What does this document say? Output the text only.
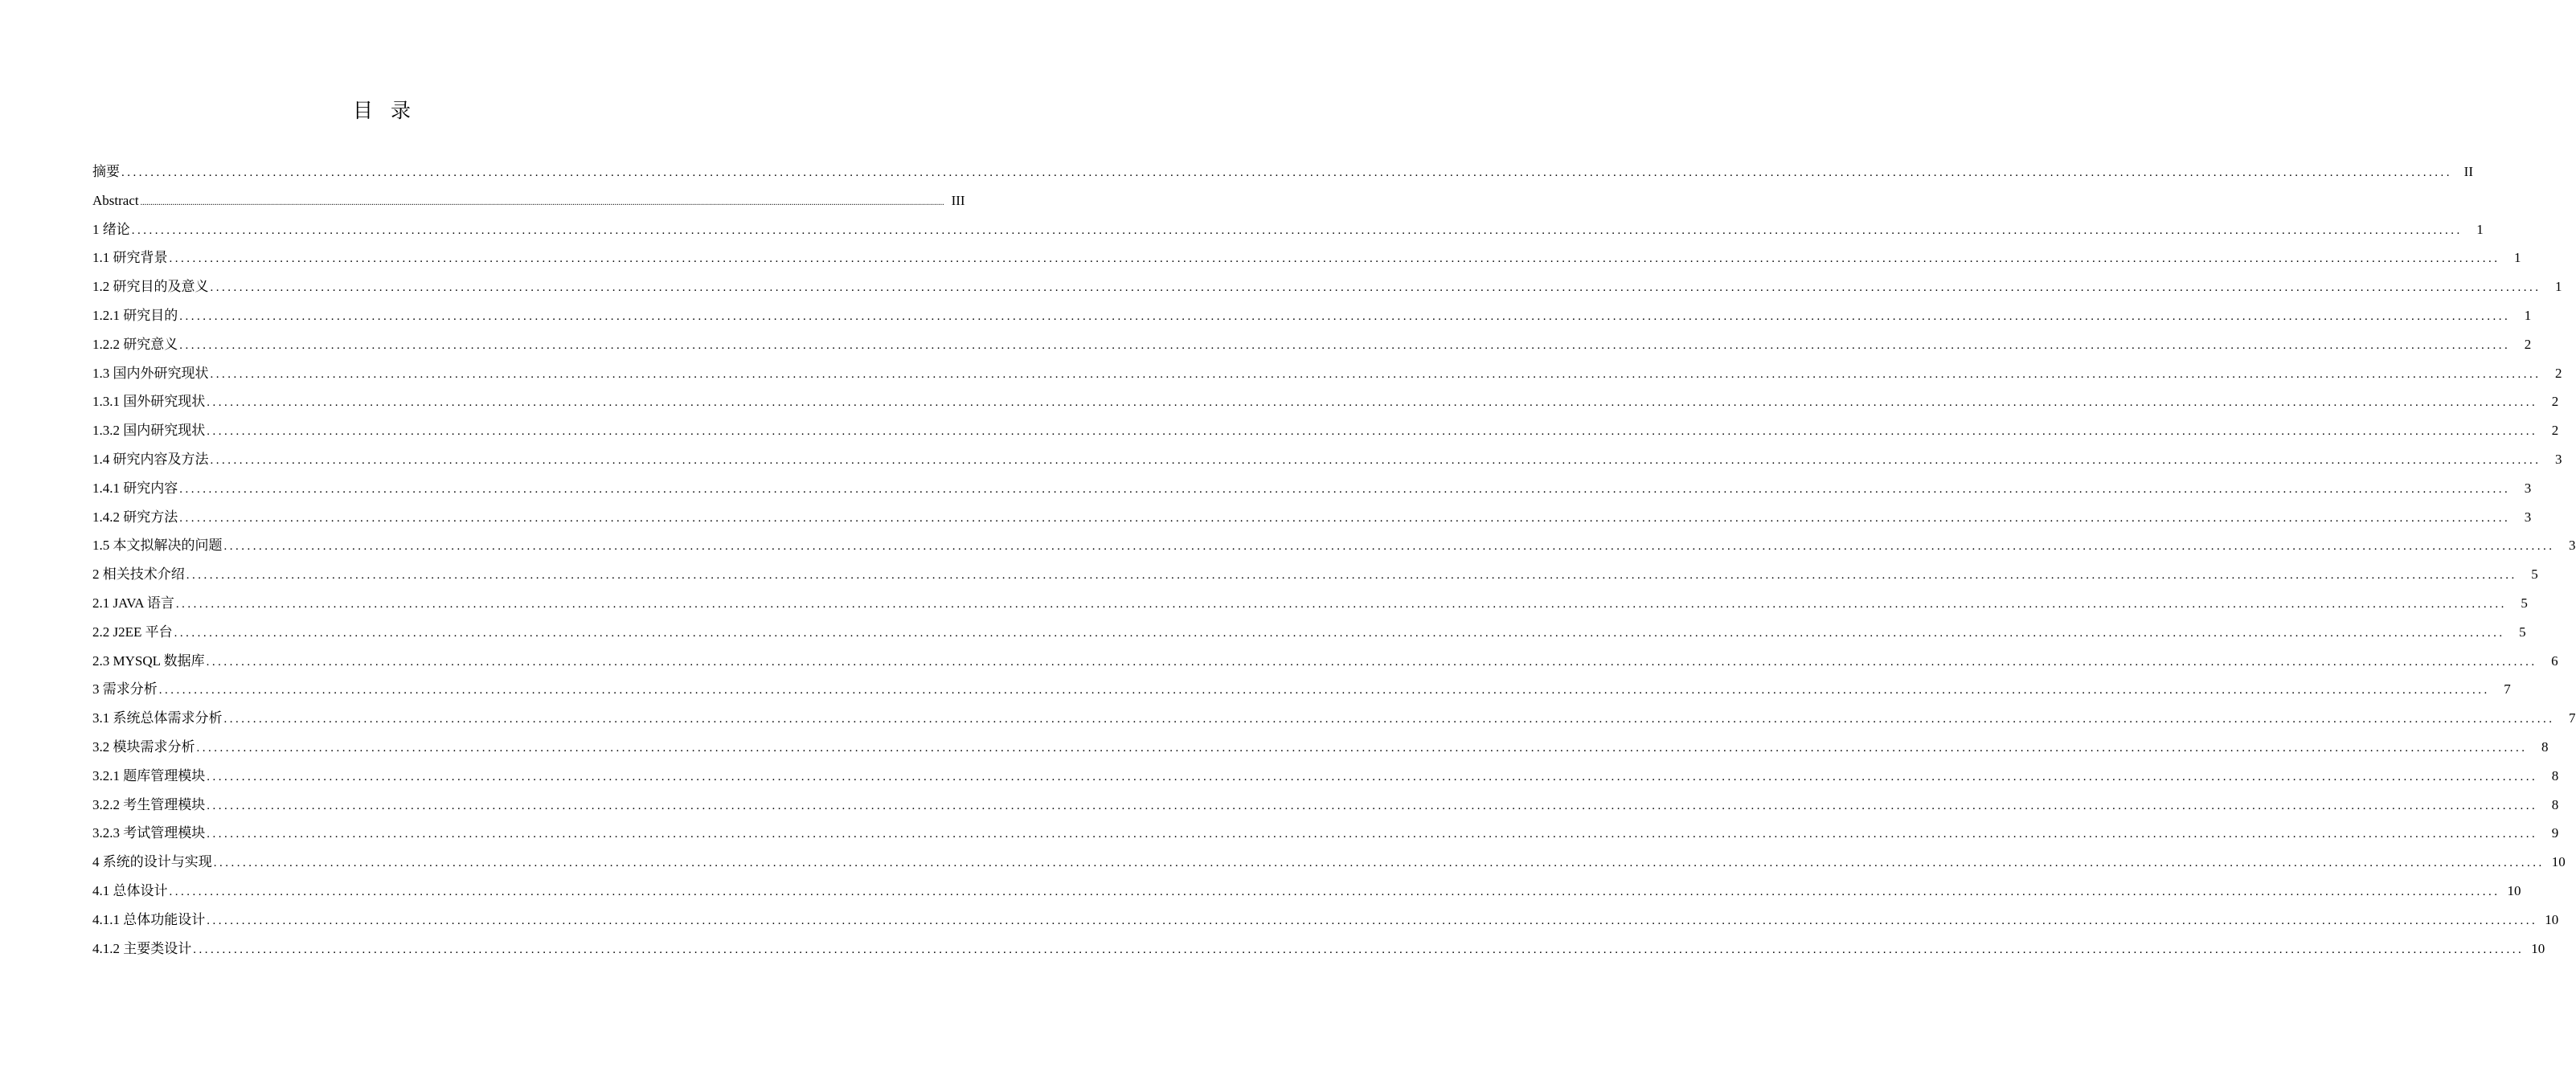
目录
摘要 ................................................................................................................................................................................................................................................................................................................................................................................................................ II
Abstract ................................................................................................................................................................................................................................................................................................................................................................................................................ III
1 绪论 ................................................................................................................................................................................................................................................................................................................................................................................................................	1
1.1 研究背景 ................................................................................................................................................................................................................................................................................................................................................................................................................	1
1.2 研究目的及意义 ................................................................................................................................................................................................................................................................................................................................................................................................................	1
1.2.1 研究目的 ................................................................................................................................................................................................................................................................................................................................................................................................................	1
1.2.2 研究意义 ................................................................................................................................................................................................................................................................................................................................................................................................................	2
1.3 国内外研究现状 ................................................................................................................................................................................................................................................................................................................................................................................................................	2
1.3.1 国外研究现状 ................................................................................................................................................................................................................................................................................................................................................................................................................	2
1.3.2 国内研究现状 ................................................................................................................................................................................................................................................................................................................................................................................................................	2
1.4 研究内容及方法 ................................................................................................................................................................................................................................................................................................................................................................................................................	3
1.4.1 研究内容 ................................................................................................................................................................................................................................................................................................................................................................................................................	3
1.4.2 研究方法 ................................................................................................................................................................................................................................................................................................................................................................................................................	3
1.5 本文拟解决的问题 ................................................................................................................................................................................................................................................................................................................................................................................................................	3
2 相关技术介绍 ................................................................................................................................................................................................................................................................................................................................................................................................................	5
2.1 JAVA 语言 ................................................................................................................................................................................................................................................................................................................................................................................................................	5
2.2 J2EE 平台 ................................................................................................................................................................................................................................................................................................................................................................................................................	5
2.3 MYSQL 数据库 ................................................................................................................................................................................................................................................................................................................................................................................................................	6
3 需求分析 ................................................................................................................................................................................................................................................................................................................................................................................................................	7
3.1 系统总体需求分析 ................................................................................................................................................................................................................................................................................................................................................................................................................	7
3.2 模块需求分析 ................................................................................................................................................................................................................................................................................................................................................................................................................	8
3.2.1 题库管理模块 ................................................................................................................................................................................................................................................................................................................................................................................................................	8
3.2.2 考生管理模块 ................................................................................................................................................................................................................................................................................................................................................................................................................	8
3.2.3 考试管理模块 ................................................................................................................................................................................................................................................................................................................................................................................................................	9
4 系统的设计与实现 ................................................................................................................................................................................................................................................................................................................................................................................................................ 10
4.1 总体设计 ................................................................................................................................................................................................................................................................................................................................................................................................................ 10
4.1.1 总体功能设计 ................................................................................................................................................................................................................................................................................................................................................................................................................ 10
4.1.2 主要类设计 ................................................................................................................................................................................................................................................................................................................................................................................................................ 10
